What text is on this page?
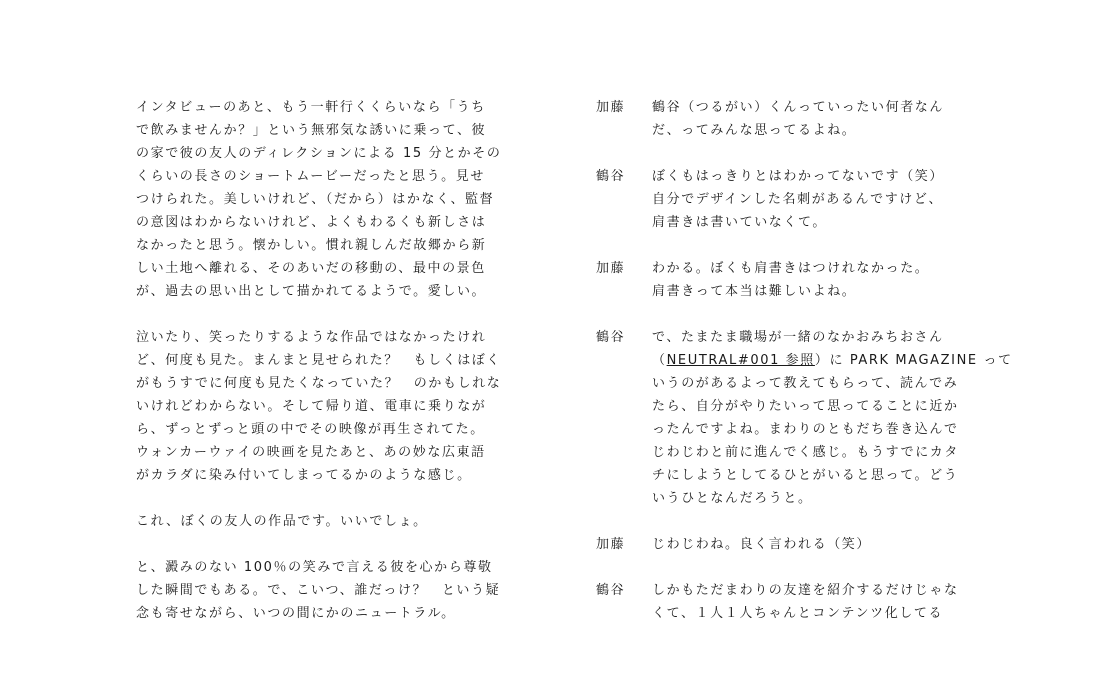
インタビューのあと、もう一軒行くくらいなら「うち
で飲みませんか？」という無邪気な誘いに乗って、彼
の家で彼の友人のディレクションによる 15 分とかその
くらいの長さのショートムービーだったと思う。見せ
つけられた。美しいけれど、（だから）はかなく、監督
の意図はわからないけれど、よくもわるくも新しさは
なかったと思う。懐かしい。慣れ親しんだ故郷から新
しい土地へ離れる、そのあいだの移動の、最中の景色
が、過去の思い出として描かれてるようで。愛しい。
泣いたり、笑ったりするような作品ではなかったけれ
ど、何度も見た。まんまと見せられた？　もしくはぼく
がもうすでに何度も見たくなっていた？　のかもしれな
いけれどわからない。そして帰り道、電車に乗りなが
ら、ずっとずっと頭の中でその映像が再生されてた。
ウォンカーウァイの映画を見たあと、あの妙な広東語
がカラダに染み付いてしまってるかのような感じ。
これ、ぼくの友人の作品です。いいでしょ。
と、澱みのない 100％の笑みで言える彼を心から尊敬
した瞬間でもある。で、こいつ、誰だっけ？　という疑
念も寄せながら、いつの間にかのニュートラル。
加藤	鶴谷（つるがい）くんっていったい何者なん
だ、ってみんな思ってるよね。
鶴谷	ぼくもはっきりとはわかってないです（笑）
自分でデザインした名刺があるんですけど、
肩書きは書いていなくて。
加藤	わかる。ぼくも肩書きはつけれなかった。
肩書きって本当は難しいよね。
鶴谷	で、たまたま職場が一緒のなかおみちおさん
（NEUTRAL#001 参照）に PARK MAGAZINE って
いうのがあるよって教えてもらって、読んでみ
たら、自分がやりたいって思ってることに近か
ったんですよね。まわりのともだち巻き込んで
じわじわと前に進んでく感じ。もうすでにカタ
チにしようとしてるひとがいると思って。どう
いうひとなんだろうと。
加藤	じわじわね。良く言われる（笑）
鶴谷	しかもただまわりの友達を紹介するだけじゃな
くて、１人１人ちゃんとコンテンツ化してる
